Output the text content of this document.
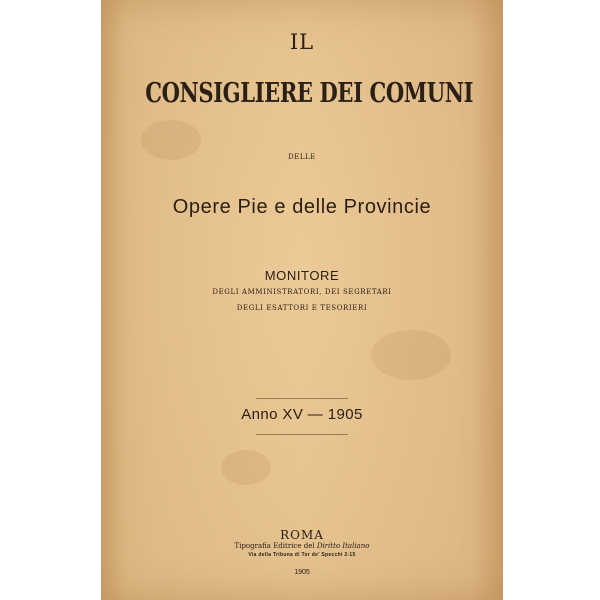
IL
CONSIGLIERE DEI COMUNI
DELLE
Opere Pie e delle Provincie
MONITORE
DEGLI AMMINISTRATORI, DEI SEGRETARI
DEGLI ESATTORI E TESORIERI
Anno XV — 1905
ROMA
Tipografia Editrice del Diritto Italiano
Via della Tribuna di Tor de' Specchi 2-15
1905
